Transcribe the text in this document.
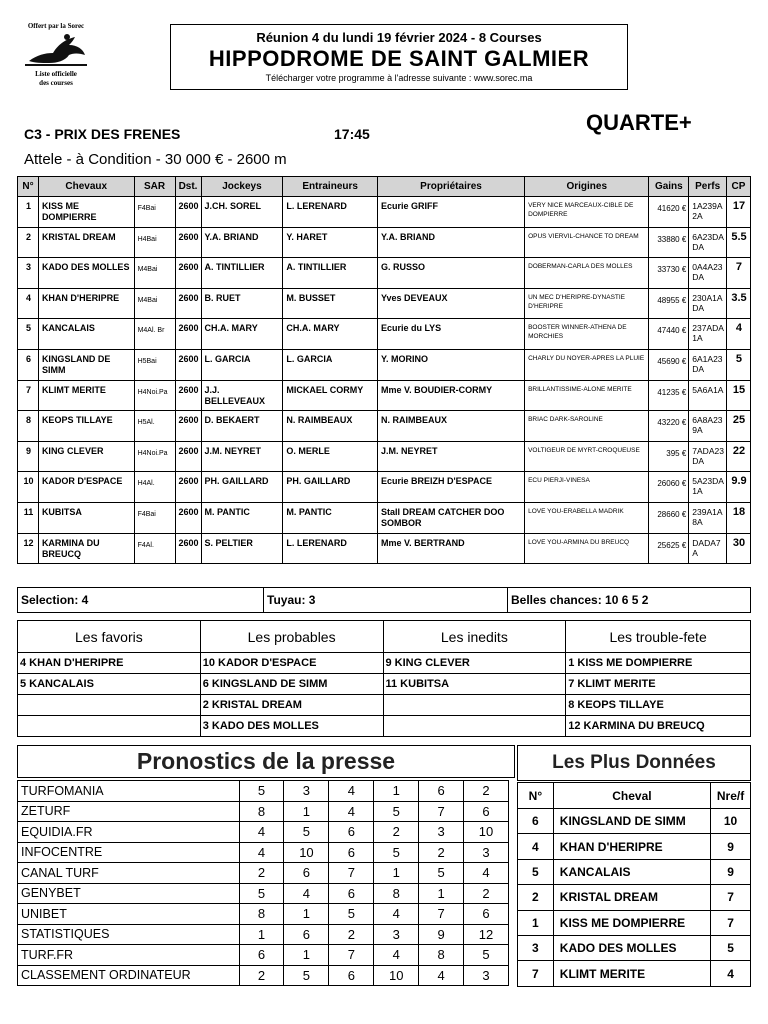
Offert par la Sorec
Liste officielle
des courses
Réunion 4 du lundi 19 février 2024 - 8 Courses
HIPPODROME DE SAINT GALMIER
Télécharger votre programme à l'adresse suivante : www.sorec.ma
C3 - PRIX DES FRENES	17:45	QUARTE+
Attele - à Condition - 30 000 € - 2600 m
N°	Chevaux	SAR	Dst.	Jockeys	Entraineurs	Propriétaires	Origines	Gains	Perfs	CP
1	KISS ME DOMPIERRE	F4Bai	2600	J.CH. SOREL	L. LERENARD	Ecurie GRIFF	VERY NICE MARCEAUX-CIBLE DE DOMPIERRE	41620 €	1A239A 2A	17
2	KRISTAL DREAM	H4Bai	2600	Y.A. BRIAND	Y. HARET	Y.A. BRIAND	OPUS VIERVIL-CHANCE TO DREAM	33880 €	6A23DA DA	5.5
3	KADO DES MOLLES	M4Bai	2600	A. TINTILLIER	A. TINTILLIER	G. RUSSO	DOBERMAN-CARLA DES MOLLES	33730 €	0A4A23 DA	7
4	KHAN D'HERIPRE	M4Bai	2600	B. RUET	M. BUSSET	Yves DEVEAUX	UN MEC D'HERIPRE-DYNASTIE D'HERIPRE	48955 €	230A1A DA	3.5
5	KANCALAIS	M4Al. Br	2600	CH.A. MARY	CH.A. MARY	Ecurie du LYS	BOOSTER WINNER-ATHENA DE MORCHIES	47440 €	237ADA 1A	4
6	KINGSLAND DE SIMM	H5Bai	2600	L. GARCIA	L. GARCIA	Y. MORINO	CHARLY DU NOYER-APRES LA PLUIE	45690 €	6A1A23 DA	5
7	KLIMT MERITE	H4Noi.Pa	2600	J.J. BELLEVEAUX	MICKAEL CORMY	Mme V. BOUDIER-CORMY	BRILLANTISSIME-ALONE MERITE	41235 €	5A6A1A	15
8	KEOPS TILLAYE	H5Al.	2600	D. BEKAERT	N. RAIMBEAUX	N. RAIMBEAUX	BRIAC DARK-SAROLINE	43220 €	6A8A23 9A	25
9	KING CLEVER	H4Noi.Pa	2600	J.M. NEYRET	O. MERLE	J.M. NEYRET	VOLTIGEUR DE MYRT-CROQUEUSE	395 €	7ADA23 DA	22
10	KADOR D'ESPACE	H4Al.	2600	PH. GAILLARD	PH. GAILLARD	Ecurie BREIZH D'ESPACE	ECU PIERJI-VINESA	26060 €	5A23DA 1A	9.9
11	KUBITSA	F4Bai	2600	M. PANTIC	M. PANTIC	Stall DREAM CATCHER DOO SOMBOR	LOVE YOU-ERABELLA MADRIK	28660 €	239A1A 8A	18
12	KARMINA DU BREUCQ	F4Al.	2600	S. PELTIER	L. LERENARD	Mme V. BERTRAND	LOVE YOU-ARMINA DU BREUCQ	25625 €	DADA7 A	30
Selection: 4	Tuyau: 3	Belles chances: 10 6 5 2
Les favoris	Les probables	Les inedits	Les trouble-fete
4 KHAN D'HERIPRE	10 KADOR D'ESPACE	9 KING CLEVER	1 KISS ME DOMPIERRE
5 KANCALAIS	6 KINGSLAND DE SIMM	11 KUBITSA	7 KLIMT MERITE
	2 KRISTAL DREAM		8 KEOPS TILLAYE
	3 KADO DES MOLLES		12 KARMINA DU BREUCQ
Pronostics de la presse
TURFOMANIA	5	3	4	1	6	2
ZETURF	8	1	4	5	7	6
EQUIDIA.FR	4	5	6	2	3	10
INFOCENTRE	4	10	6	5	2	3
CANAL TURF	2	6	7	1	5	4
GENYBET	5	4	6	8	1	2
UNIBET	8	1	5	4	7	6
STATISTIQUES	1	6	2	3	9	12
TURF.FR	6	1	7	4	8	5
CLASSEMENT ORDINATEUR	2	5	6	10	4	3
Les Plus Données
N°	Cheval	Nre/f
6	KINGSLAND DE SIMM	10
4	KHAN D'HERIPRE	9
5	KANCALAIS	9
2	KRISTAL DREAM	7
1	KISS ME DOMPIERRE	7
3	KADO DES MOLLES	5
7	KLIMT MERITE	4
